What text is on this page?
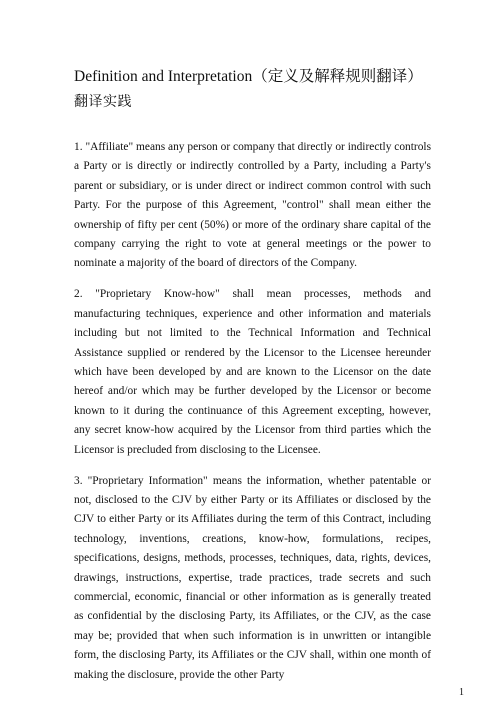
Definition and Interpretation（定义及解释规则翻译）
翻译实践

1. "Affiliate" means any person or company that directly or indirectly controls a Party or is directly or indirectly controlled by a Party, including a Party's parent or subsidiary, or is under direct or indirect common control with such Party. For the purpose of this Agreement, "control" shall mean either the ownership of fifty per cent (50%) or more of the ordinary share capital of the company carrying the right to vote at general meetings or the power to nominate a majority of the board of directors of the Company.

2. "Proprietary Know-how" shall mean processes, methods and manufacturing techniques, experience and other information and materials including but not limited to the Technical Information and Technical Assistance supplied or rendered by the Licensor to the Licensee hereunder which have been developed by and are known to the Licensor on the date hereof and/or which may be further developed by the Licensor or become known to it during the continuance of this Agreement excepting, however, any secret know-how acquired by the Licensor from third parties which the Licensor is precluded from disclosing to the Licensee.

3. "Proprietary Information" means the information, whether patentable or not, disclosed to the CJV by either Party or its Affiliates or disclosed by the CJV to either Party or its Affiliates during the term of this Contract, including technology, inventions, creations, know-how, formulations, recipes, specifications, designs, methods, processes, techniques, data, rights, devices, drawings, instructions, expertise, trade practices, trade secrets and such commercial, economic, financial or other information as is generally treated as confidential by the disclosing Party, its Affiliates, or the CJV, as the case may be; provided that when such information is in unwritten or intangible form, the disclosing Party, its Affiliates or the CJV shall, within one month of making the disclosure, provide the other Party

1
